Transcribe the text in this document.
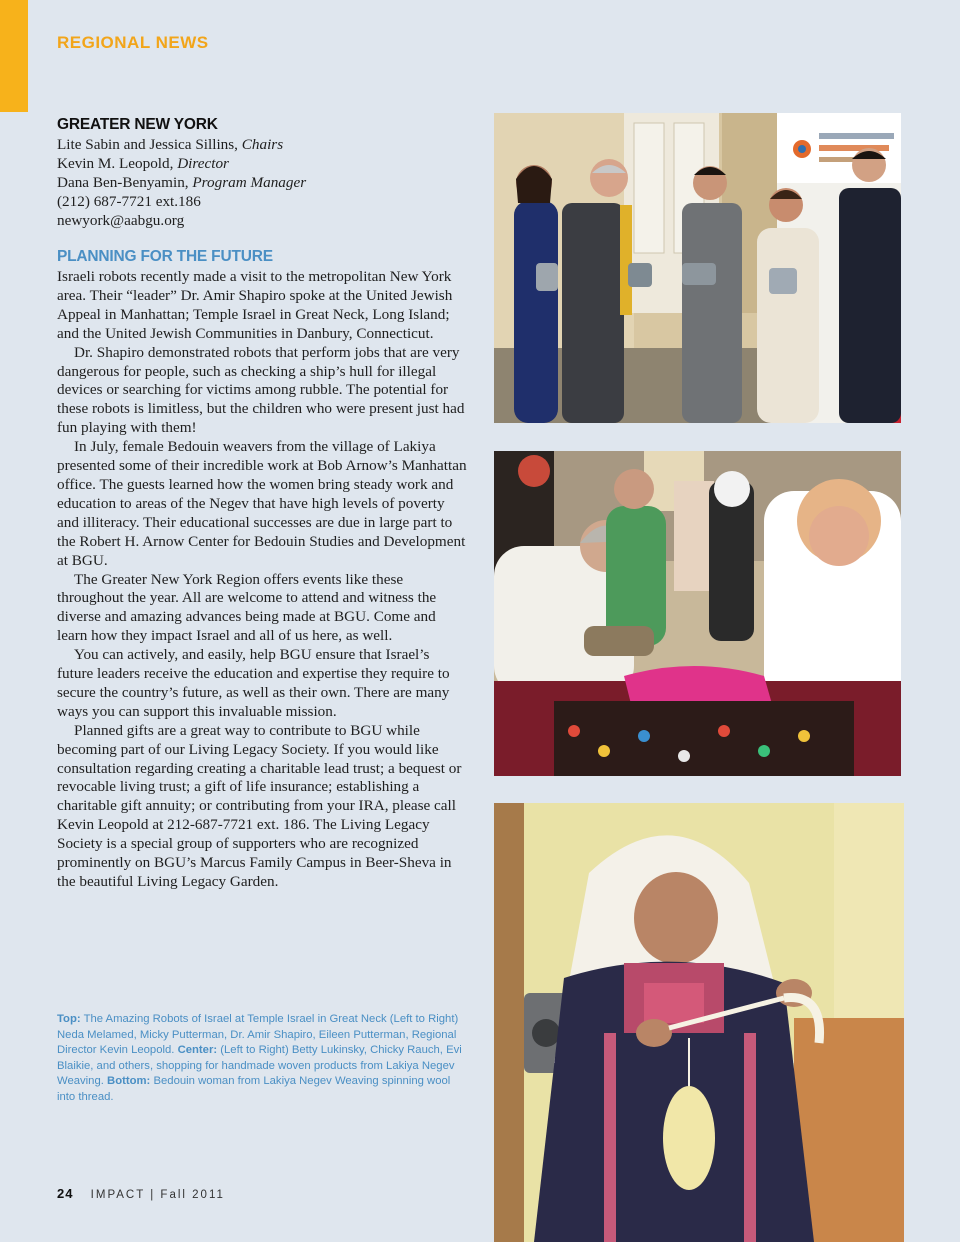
REGIONAL NEWS
GREATER NEW YORK

Lite Sabin and Jessica Sillins, Chairs

Kevin M. Leopold, Director

Dana Ben-Benyamin, Program Manager

(212) 687-7721 ext.186

newyork@aabgu.org

PLANNING FOR THE FUTURE

Israeli robots recently made a visit to the metropolitan New York area. Their “leader” Dr. Amir Shapiro spoke at the United Jewish Appeal in Manhattan; Temple Israel in Great Neck, Long Island; and the United Jewish Communities in Danbury, Connecticut.

Dr. Shapiro demonstrated robots that perform jobs that are very dangerous for people, such as checking a ship’s hull for illegal devices or searching for victims among rubble. The potential for these robots is limitless, but the children who were present just had fun playing with them!

In July, female Bedouin weavers from the village of Lakiya presented some of their incredible work at Bob Arnow’s Manhattan office. The guests learned how the women bring steady work and education to areas of the Negev that have high levels of poverty and illiteracy. Their educational successes are due in large part to the Robert H. Arnow Center for Bedouin Studies and Development at BGU.

The Greater New York Region offers events like these throughout the year. All are welcome to attend and witness the diverse and amazing advances being made at BGU. Come and learn how they impact Israel and all of us here, as well.

You can actively, and easily, help BGU ensure that Israel’s future leaders receive the education and expertise they require to secure the country’s future, as well as their own. There are many ways you can support this invaluable mission.

Planned gifts are a great way to contribute to BGU while becoming part of our Living Legacy Society. If you would like consultation regarding creating a charitable lead trust; a bequest or revocable living trust; a gift of life insurance; establishing a charitable gift annuity; or contributing from your IRA, please call Kevin Leopold at 212-687-7721 ext. 186. The Living Legacy Society is a special group of supporters who are recognized prominently on BGU’s Marcus Family Campus in Beer-Sheva in the beautiful Living Legacy Garden.

Top: The Amazing Robots of Israel at Temple Israel in Great Neck (Left to Right) Neda Melamed, Micky Putterman, Dr. Amir Shapiro, Eileen Putterman, Regional Director Kevin Leopold. Center: (Left to Right) Betty Lukinsky, Chicky Rauch, Evi Blaikie, and others, shopping for handmade woven products from Lakiya Negev Weaving. Bottom: Bedouin woman from Lakiya Negev Weaving spinning wool into thread.
24 IMPACT | Fall 2011
